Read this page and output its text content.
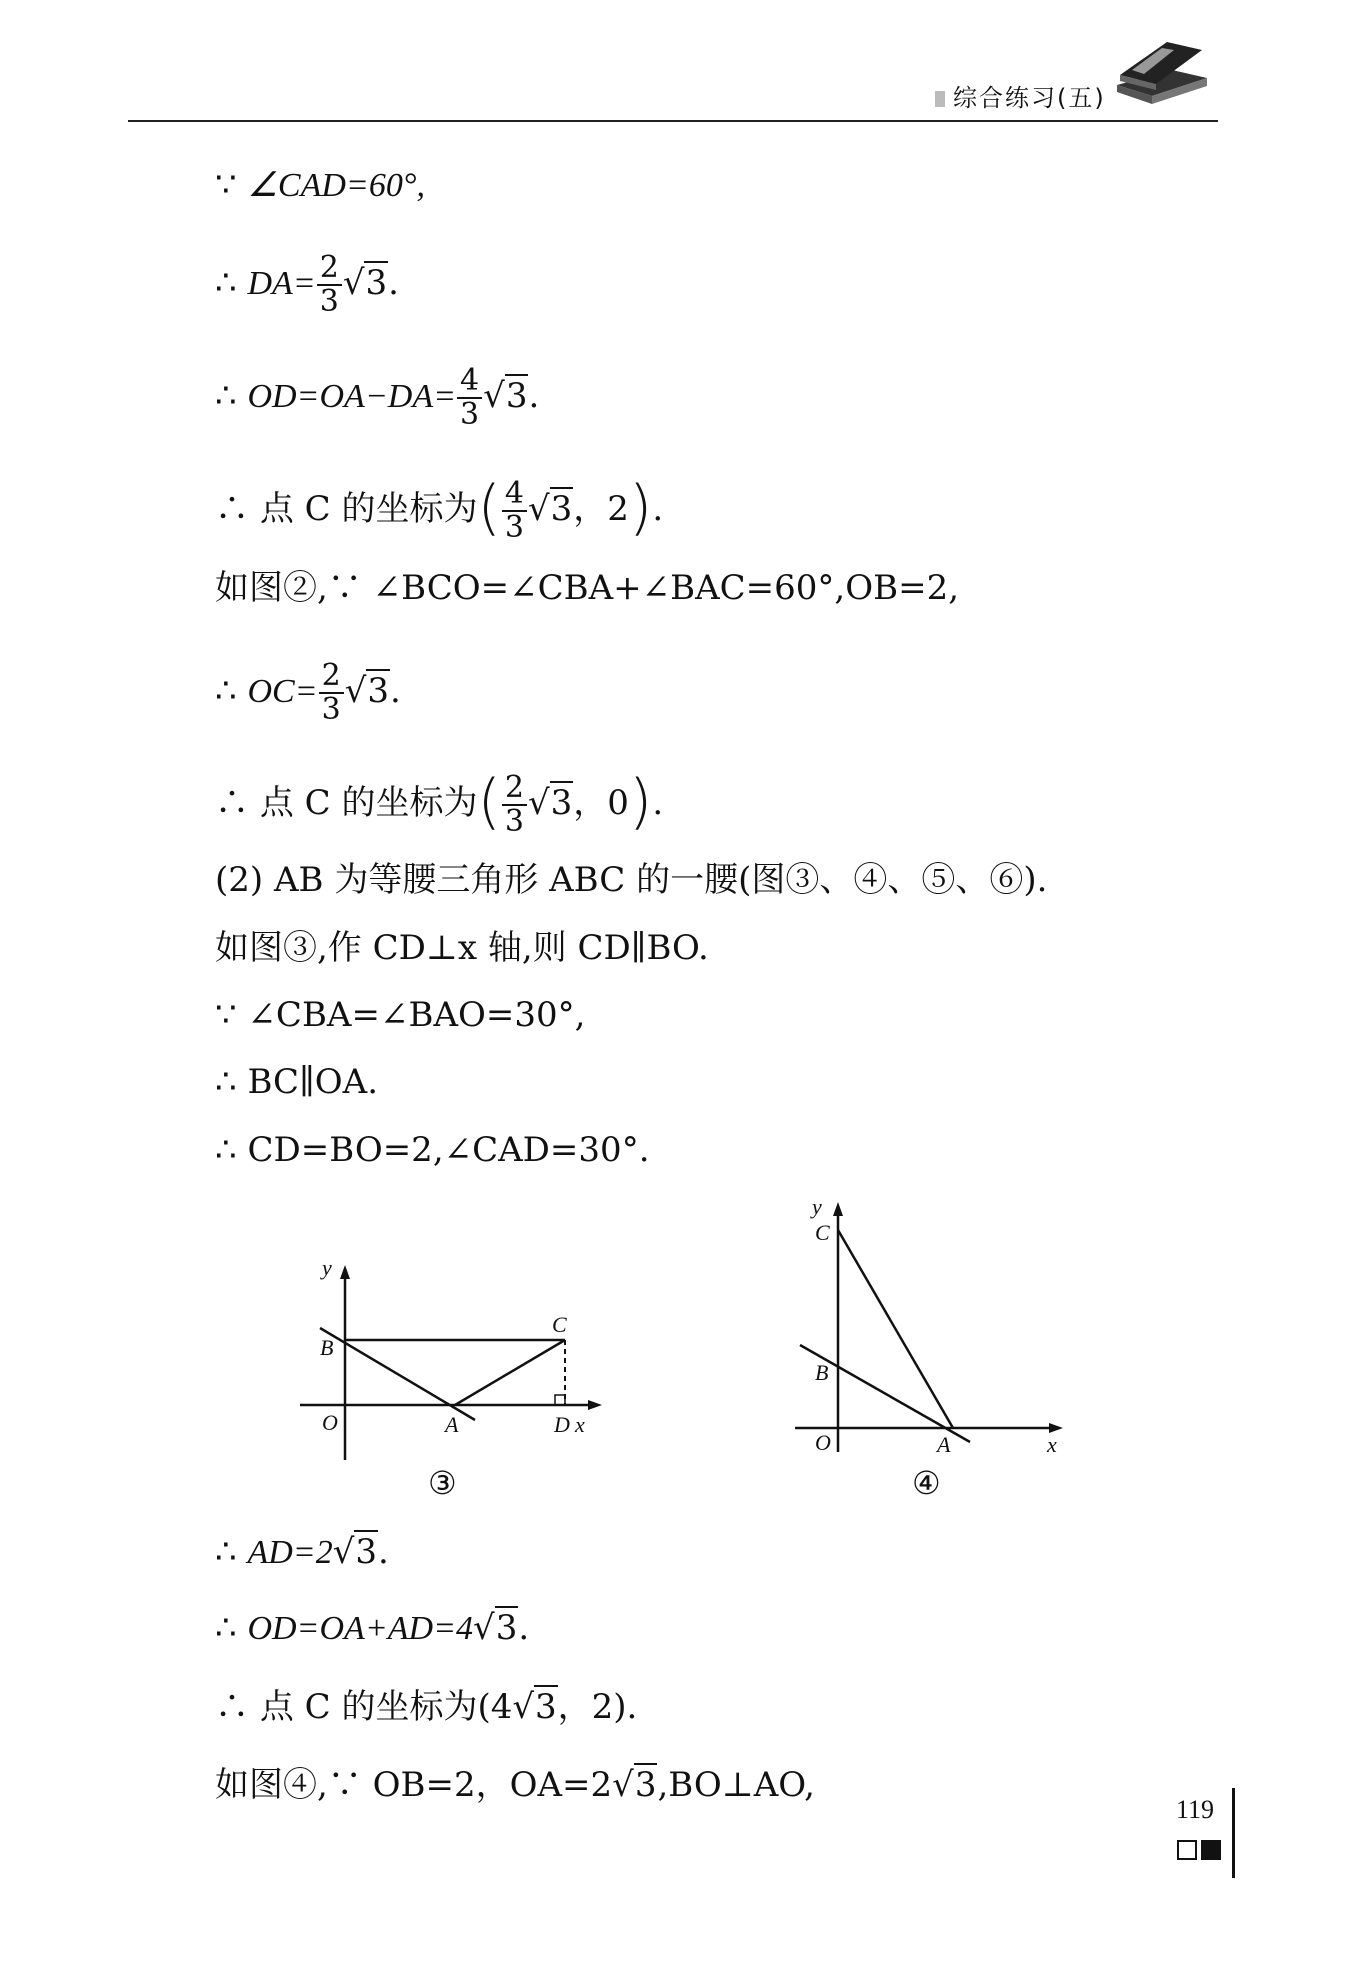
综合练习(五)
∵ ∠CAD=60°,
∴ $DA= \frac{2}{3} √3$.
∴ $OD=OA-DA= \frac{4}{3} √3$.
∴ 点 C 的坐标为( $\frac{4}{3} √3$，2).
如图②,∵ ∠BCO=∠CBA+∠BAC=60°,OB=2,
∴ $OC= \frac{2}{3} √3$.
∴ 点 C 的坐标为( $\frac{2}{3} √3$，0).
(2) AB 为等腰三角形 ABC 的一腰(图③、④、⑤、⑥).
如图③,作 CD⊥x 轴,则 CD∥BO.
∵ ∠CBA=∠BAO=30°,
∴ BC∥OA.
∴ CD=BO=2,∠CAD=30°.
y
B
O	A
C
D x
③
y
C
B
O	A	x
④
∴ AD=2√3.
∴ OD=OA+AD=4√3.
∴ 点 C 的坐标为(4√3，2).
如图④,∵ OB=2，OA=2√3,BO⊥AO,
119
